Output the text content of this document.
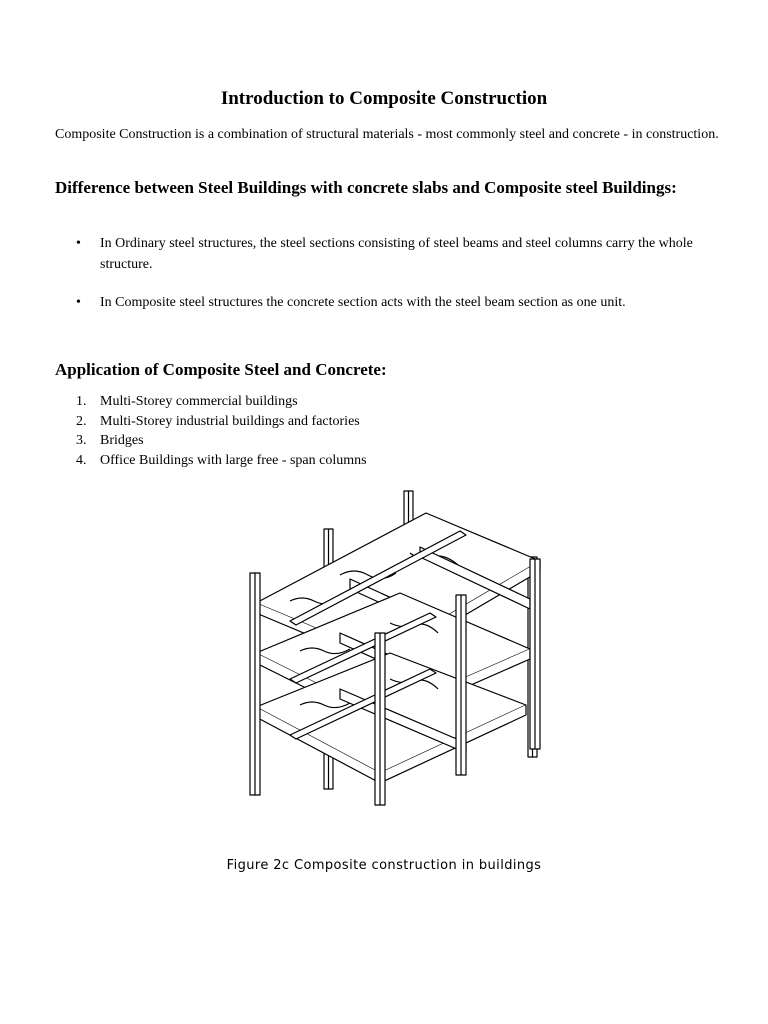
Introduction to Composite Construction

Composite Construction is a combination of structural materials - most commonly steel and concrete - in construction.

Difference between Steel Buildings with concrete slabs and Composite steel Buildings:
• In Ordinary steel structures, the steel sections consisting of steel beams and steel columns carry the whole structure.
• In Composite steel structures the concrete section acts with the steel beam section as one unit.
Application of Composite Steel and Concrete:
1. Multi-Storey commercial buildings
2. Multi-Storey industrial buildings and factories
3. Bridges
4. Office Buildings with large free - span columns

Figure 2c Composite construction in buildings
